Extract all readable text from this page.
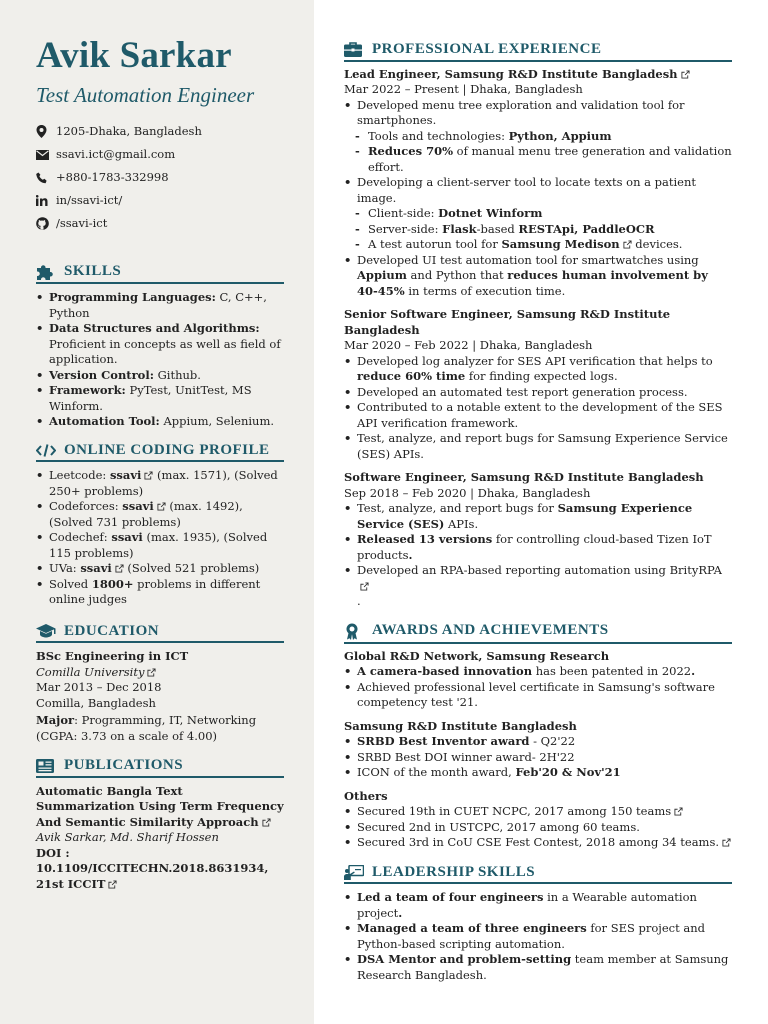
Avik Sarkar
Test Automation Engineer
1205-Dhaka, Bangladesh
ssavi.ict@gmail.com
+880-1783-332998
in/ssavi-ict/
/ssavi-ict
SKILLS
• Programming Languages: C, C++, Python
• Data Structures and Algorithms: Proficient in concepts as well as field of application.
• Version Control: Github.
• Framework: PyTest, UnitTest, MS Winform.
• Automation Tool: Appium, Selenium.
ONLINE CODING PROFILE
• Leetcode: ssavi (max. 1571), (Solved 250+ problems)
• Codeforces: ssavi (max. 1492), (Solved 731 problems)
• Codechef: ssavi (max. 1935), (Solved 115 problems)
• UVa: ssavi (Solved 521 problems)
• Solved 1800+ problems in different online judges
EDUCATION
BSc Engineering in ICT
Comilla University
Mar 2013 – Dec 2018
Comilla, Bangladesh
Major: Programming, IT, Networking
(CGPA: 3.73 on a scale of 4.00)
PUBLICATIONS
Automatic Bangla Text Summarization Using Term Frequency And Semantic Similarity Approach
Avik Sarkar, Md. Sharif Hossen
DOI :
10.1109/ICCITECHN.2018.8631934, 21st ICCIT
PROFESSIONAL EXPERIENCE
Lead Engineer, Samsung R&D Institute Bangladesh
Mar 2022 – Present | Dhaka, Bangladesh
• Developed menu tree exploration and validation tool for smartphones.
- Tools and technologies: Python, Appium
- Reduces 70% of manual menu tree generation and validation effort.
• Developing a client-server tool to locate texts on a patient image.
- Client-side: Dotnet Winform
- Server-side: Flask-based RESTApi, PaddleOCR
- A test autorun tool for Samsung Medison devices.
• Developed UI test automation tool for smartwatches using Appium and Python that reduces human involvement by 40-45% in terms of execution time.
Senior Software Engineer, Samsung R&D Institute Bangladesh
Mar 2020 – Feb 2022 | Dhaka, Bangladesh
• Developed log analyzer for SES API verification that helps to reduce 60% time for finding expected logs.
• Developed an automated test report generation process.
• Contributed to a notable extent to the development of the SES API verification framework.
• Test, analyze, and report bugs for Samsung Experience Service (SES) APIs.
Software Engineer, Samsung R&D Institute Bangladesh
Sep 2018 – Feb 2020 | Dhaka, Bangladesh
• Test, analyze, and report bugs for Samsung Experience Service (SES) APIs.
• Released 13 versions for controlling cloud-based Tizen IoT products.
• Developed an RPA-based reporting automation using BrityRPA
.
AWARDS AND ACHIEVEMENTS
Global R&D Network, Samsung Research
• A camera-based innovation has been patented in 2022.
• Achieved professional level certificate in Samsung's software competency test '21.
Samsung R&D Institute Bangladesh
• SRBD Best Inventor award - Q2'22
• SRBD Best DOI winner award- 2H'22
• ICON of the month award, Feb'20 & Nov'21
Others
• Secured 19th in CUET NCPC, 2017 among 150 teams
• Secured 2nd in USTCPC, 2017 among 60 teams.
• Secured 3rd in CoU CSE Fest Contest, 2018 among 34 teams.
LEADERSHIP SKILLS
• Led a team of four engineers in a Wearable automation project.
• Managed a team of three engineers for SES project and Python-based scripting automation.
• DSA Mentor and problem-setting team member at Samsung Research Bangladesh.
